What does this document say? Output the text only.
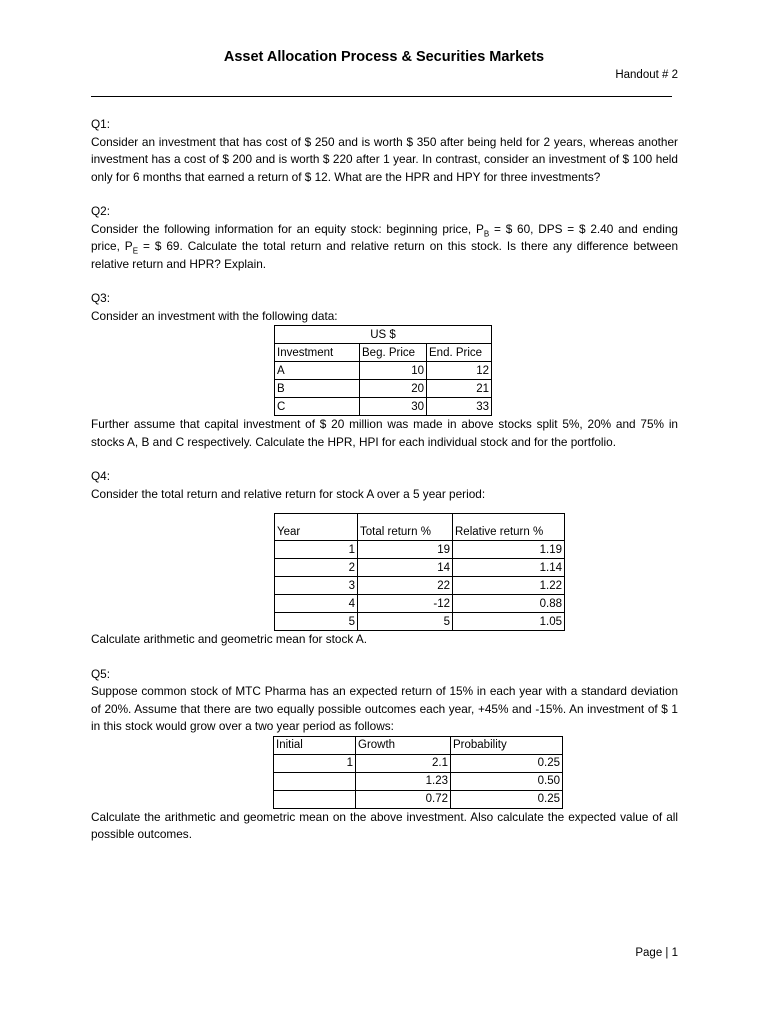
Asset Allocation Process & Securities Markets
Handout # 2

Q1:

Consider an investment that has cost of $ 250 and is worth $ 350 after being held for 2 years, whereas another investment has a cost of $ 200 and is worth $ 220 after 1 year. In contrast, consider an investment of $ 100 held only for 6 months that earned a return of $ 12. What are the HPR and HPY for three investments?

Q2:

Consider the following information for an equity stock: beginning price, $P_B$ = $ 60, DPS = $ 2.40 and ending price, $P_E$ = $ 69. Calculate the total return and relative return on this stock. Is there any difference between relative return and HPR? Explain.

Q3:

Consider an investment with the following data:

US $		
Investment	Beg. Price	End. Price
A	10	12
B	20	21
C	30	33

Further assume that capital investment of $ 20 million was made in above stocks split 5%, 20% and 75% in stocks A, B and C respectively. Calculate the HPR, HPI for each individual stock and for the portfolio.

Q4:

Consider the total return and relative return for stock A over a 5 year period:

Year	Total return %	Relative return %
1	19	1.19
2	14	1.14
3	22	1.22
4	-12	0.88
5	5	1.05

Calculate arithmetic and geometric mean for stock A.

Q5:

Suppose common stock of MTC Pharma has an expected return of 15% in each year with a standard deviation of 20%. Assume that there are two equally possible outcomes each year, +45% and -15%. An investment of $ 1 in this stock would grow over a two year period as follows:

Initial	Growth	Probability
1	2.1	0.25
	1.23	0.50
	0.72	0.25

Calculate the arithmetic and geometric mean on the above investment. Also calculate the expected value of all possible outcomes.

Page | 1
